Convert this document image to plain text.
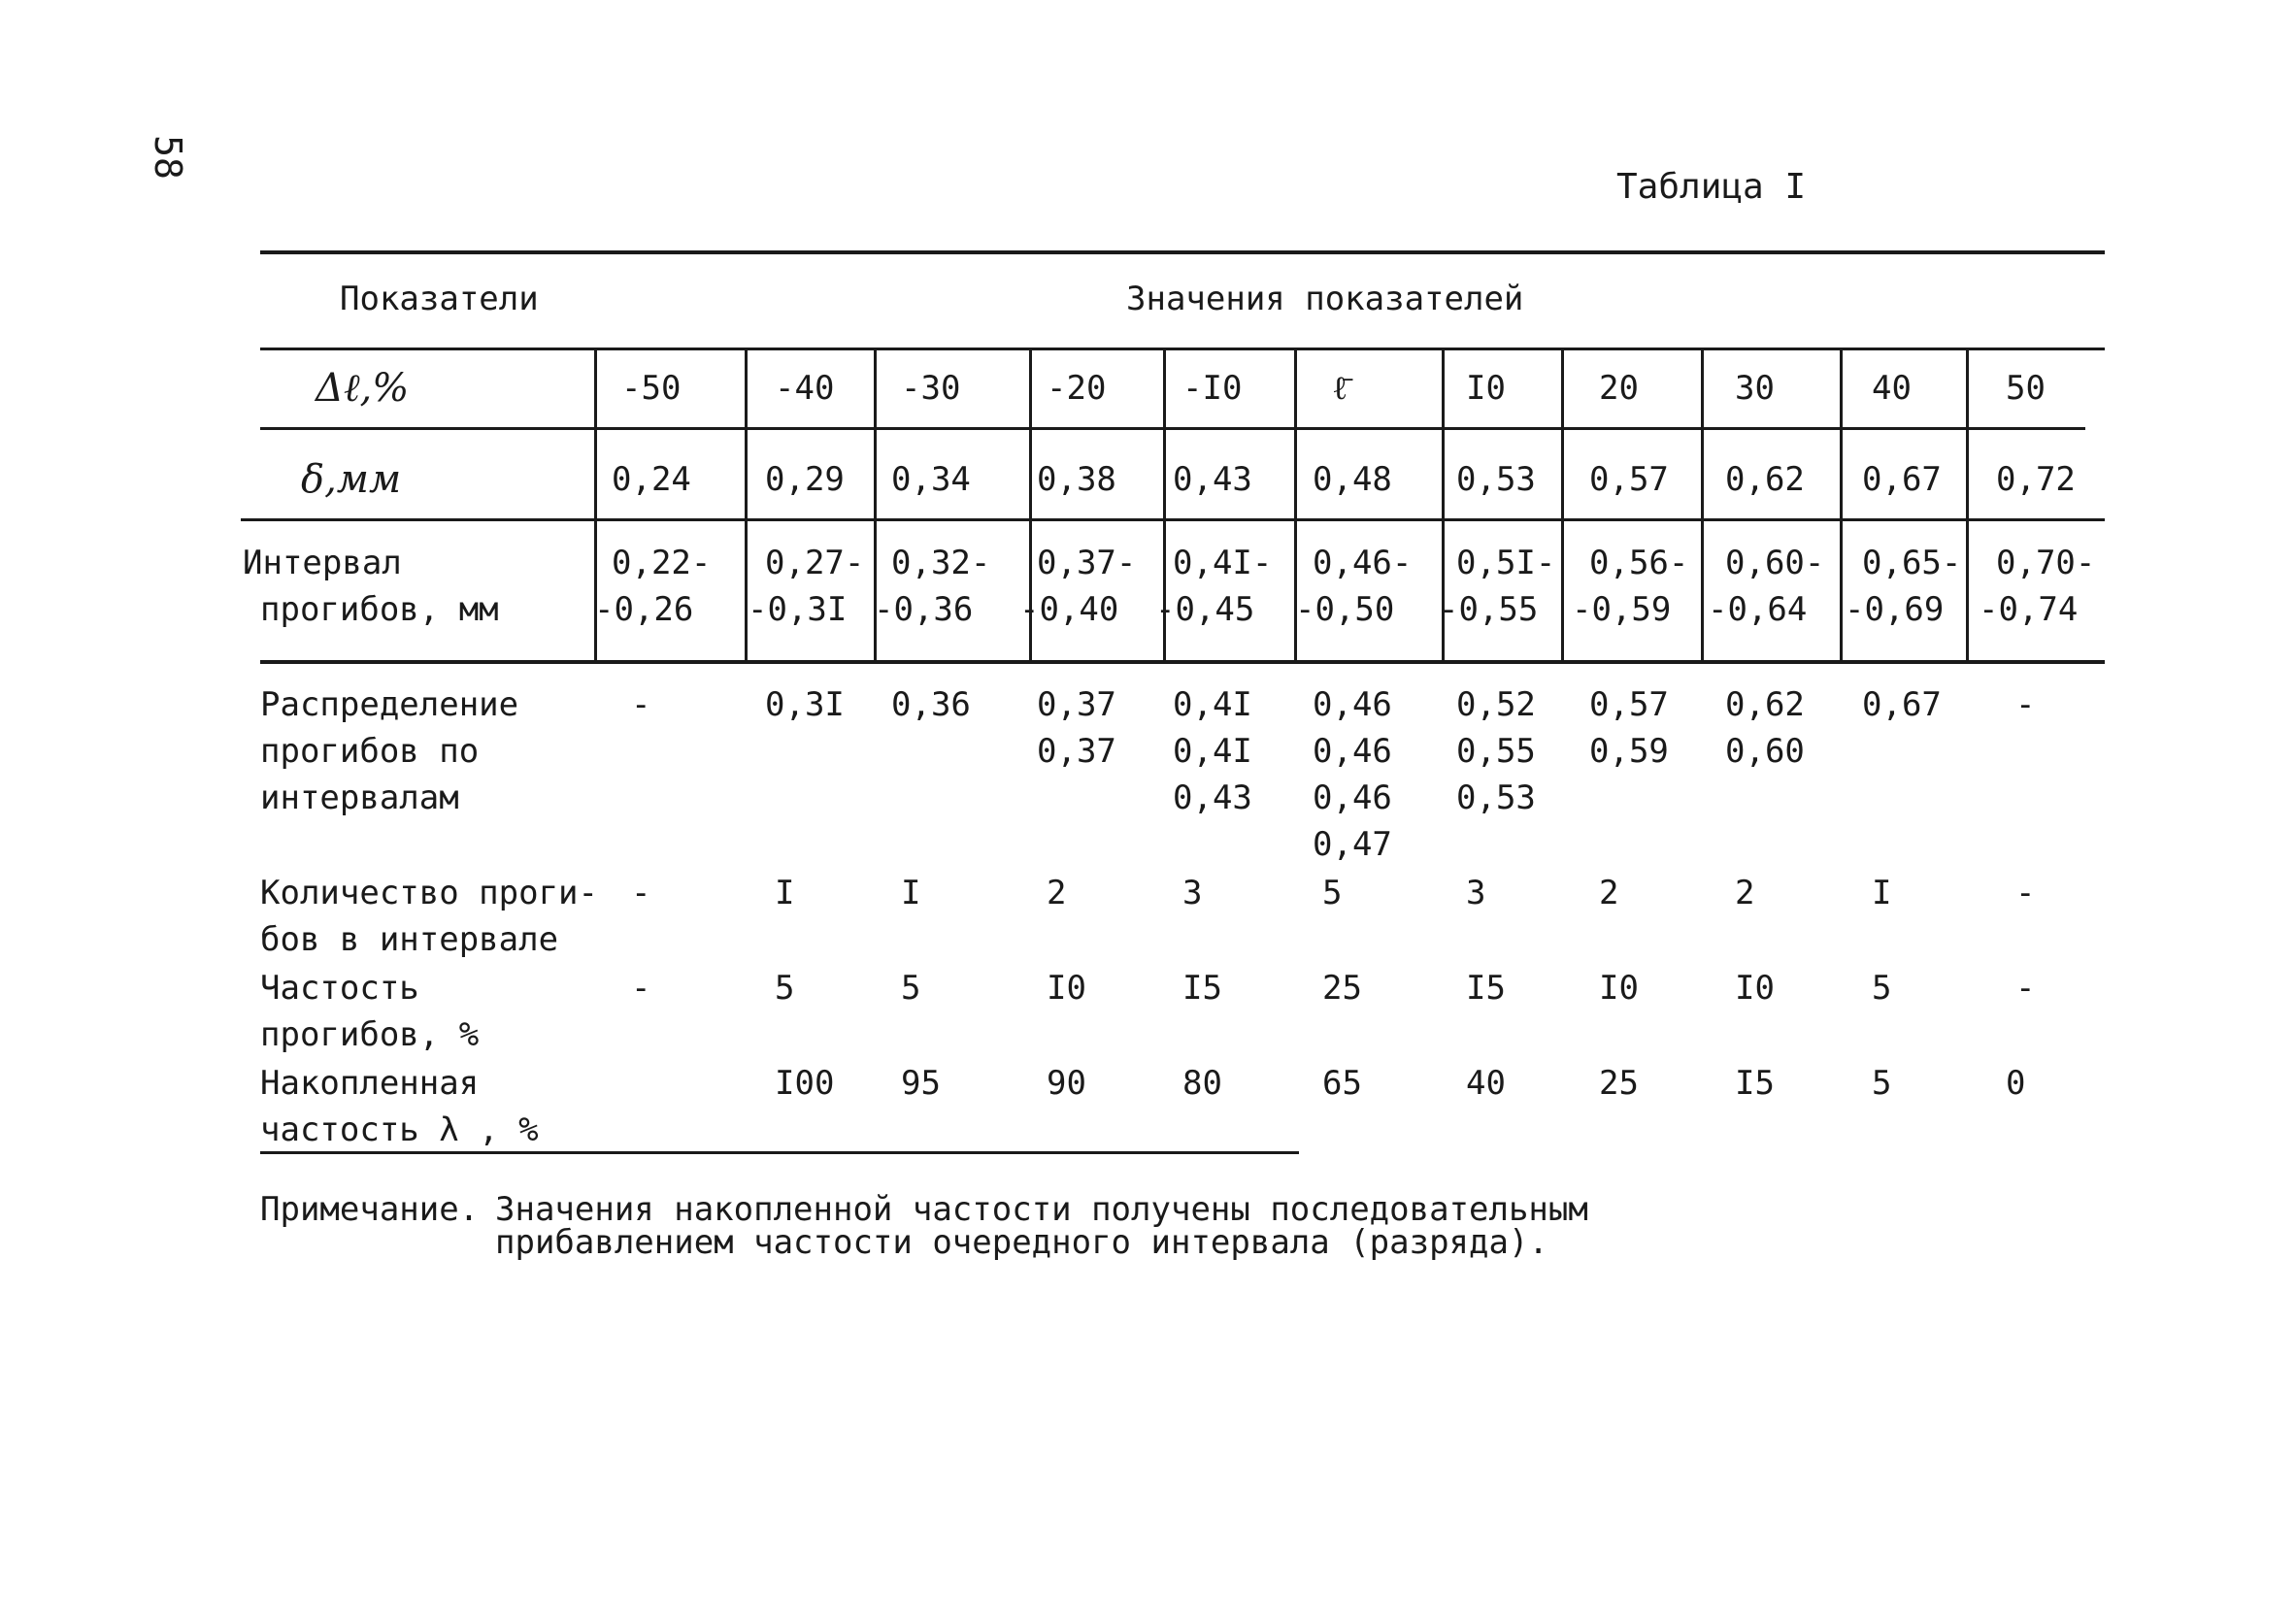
58
Таблица I
Показатели	Значения показателей
Δℓ,%
δ,мм
Интервал
прогибов, мм
Распределение
прогибов по
интервалам
Количество проги-
бов в интервале
Частость
прогибов, %
Накопленная
частость λ , %
-50
0,24
0,22-
-0,26
-
-
-
-40
0,29
0,27-
-0,3I
0,3I
I
5
I00
-30
0,34
0,32-
-0,36
0,36
I
5
95
-20
0,38
0,37-
-0,40
0,37
0,37
2
I0
90
-I0
0,43
0,4I-
-0,45
0,4I
0,4I
0,43
3
I5
80
ℓ̄
0,48
0,46-
-0,50
0,46
0,46
0,46
0,47
5
25
65
I0
0,53
0,5I-
-0,55
0,52
0,55
0,53
3
I5
40
20
0,57
0,56-
-0,59
0,57
0,59
2
I0
25
30
0,62
0,60-
-0,64
0,62
0,60
2
I0
I5
40
0,67
0,65-
-0,69
0,67
I
5
5
50
0,72
0,70-
-0,74
-
-
-
0
Примечание. Значения накопленной частости получены последовательным
прибавлением частости очередного интервала (разряда).
